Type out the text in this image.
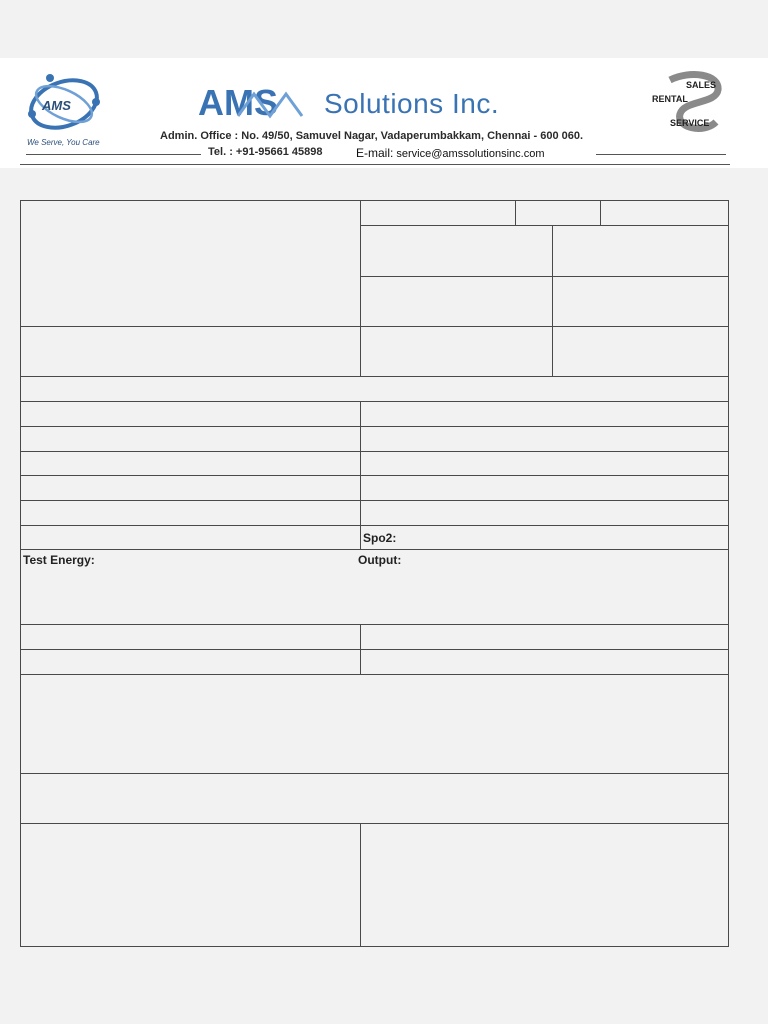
AMS
We Serve, You Care
AMS Solutions Inc.
Admin. Office : No. 49/50, Samuvel Nagar, Vadaperumbakkam, Chennai - 600 060.
Tel. : +91-95661 45898	E-mail: service@amssolutionsinc.com
SALES
RENTAL
SERVICE
Spo2:
Test Energy:	Output:
